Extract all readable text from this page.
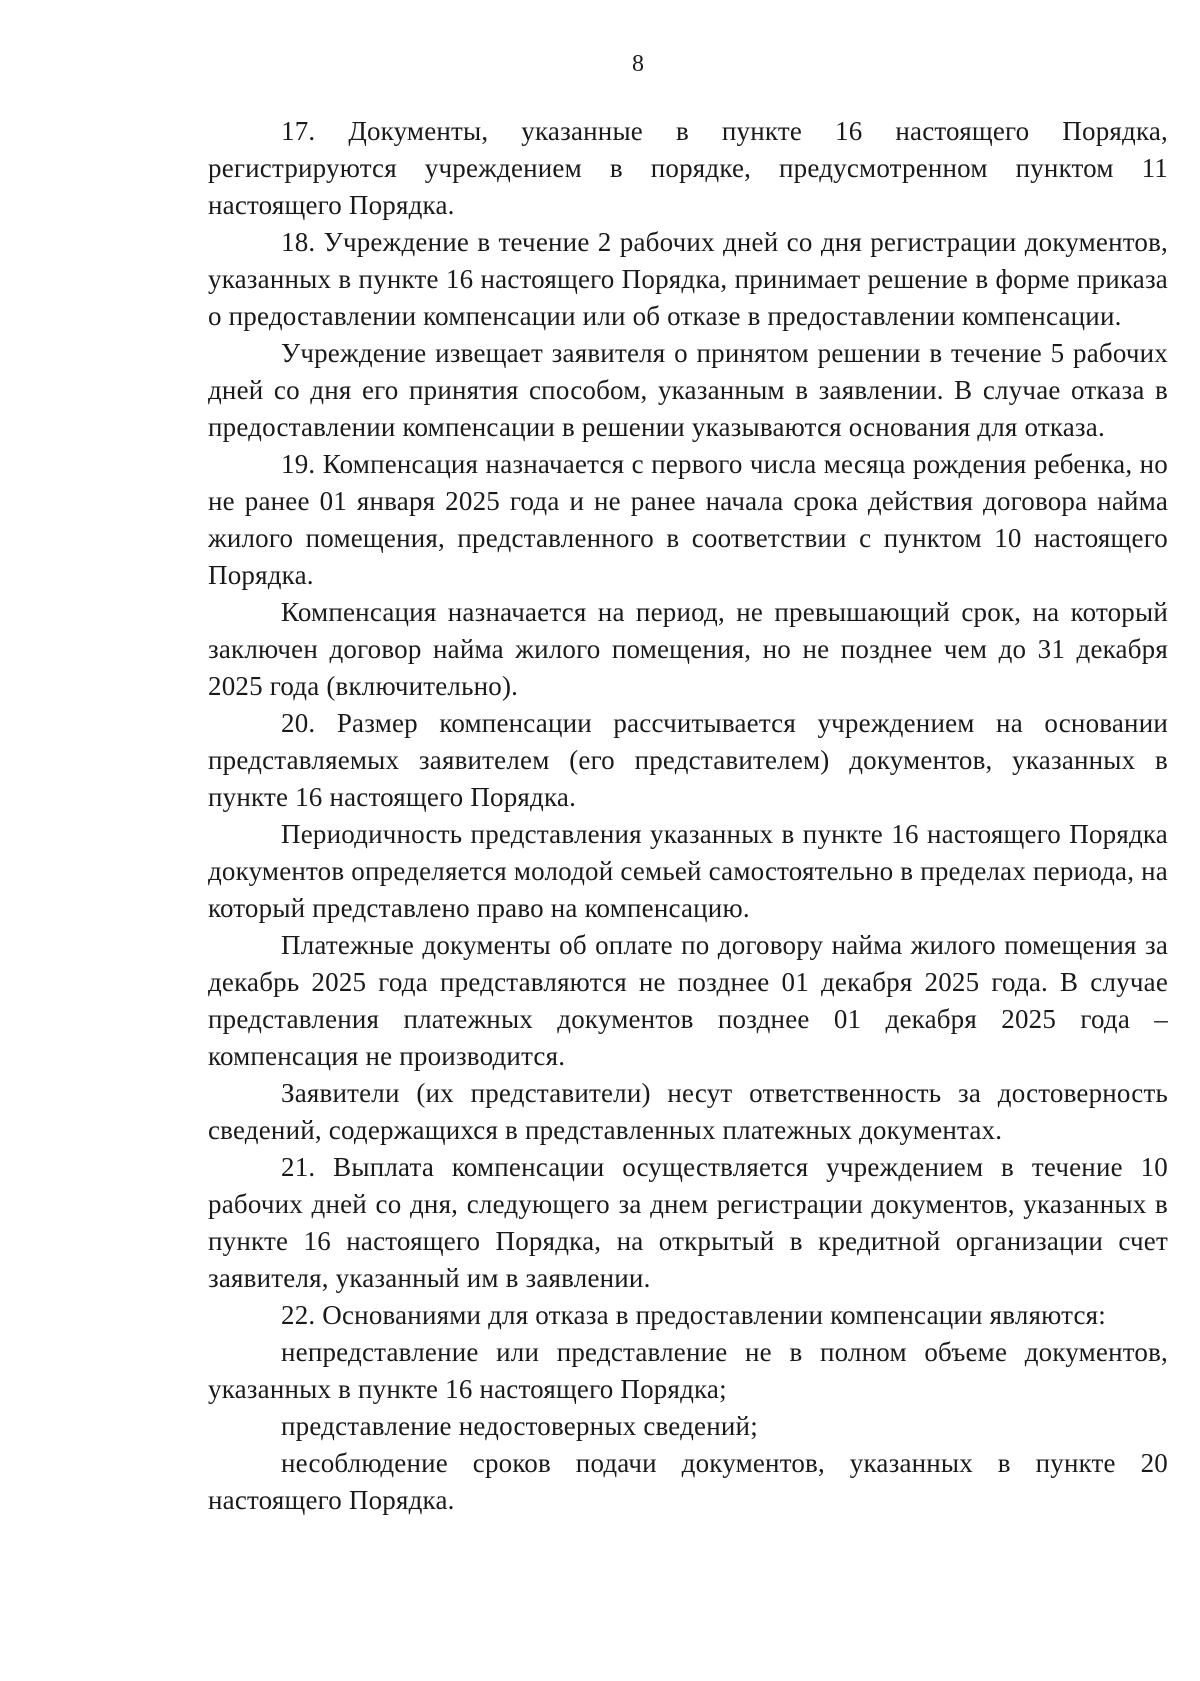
8

17. Документы, указанные в пункте 16 настоящего Порядка, регистрируются учреждением в порядке, предусмотренном пунктом 11 настоящего Порядка.

18. Учреждение в течение 2 рабочих дней со дня регистрации документов, указанных в пункте 16 настоящего Порядка, принимает решение в форме приказа о предоставлении компенсации или об отказе в предоставлении компенсации.

Учреждение извещает заявителя о принятом решении в течение 5 рабочих дней со дня его принятия способом, указанным в заявлении. В случае отказа в предоставлении компенсации в решении указываются основания для отказа.

19. Компенсация назначается с первого числа месяца рождения ребенка, но не ранее 01 января 2025 года и не ранее начала срока действия договора найма жилого помещения, представленного в соответствии с пунктом 10 настоящего Порядка.

Компенсация назначается на период, не превышающий срок, на который заключен договор найма жилого помещения, но не позднее чем до 31 декабря 2025 года (включительно).

20. Размер компенсации рассчитывается учреждением на основании представляемых заявителем (его представителем) документов, указанных в пункте 16 настоящего Порядка.

Периодичность представления указанных в пункте 16 настоящего Порядка документов определяется молодой семьей самостоятельно в пределах периода, на который представлено право на компенсацию.

Платежные документы об оплате по договору найма жилого помещения за декабрь 2025 года представляются не позднее 01 декабря 2025 года. В случае представления платежных документов позднее 01 декабря 2025 года – компенсация не производится.

Заявители (их представители) несут ответственность за достоверность сведений, содержащихся в представленных платежных документах.

21. Выплата компенсации осуществляется учреждением в течение 10 рабочих дней со дня, следующего за днем регистрации документов, указанных в пункте 16 настоящего Порядка, на открытый в кредитной организации счет заявителя, указанный им в заявлении.

22. Основаниями для отказа в предоставлении компенсации являются:

непредставление или представление не в полном объеме документов, указанных в пункте 16 настоящего Порядка;

представление недостоверных сведений;

несоблюдение сроков подачи документов, указанных в пункте 20 настоящего Порядка.
